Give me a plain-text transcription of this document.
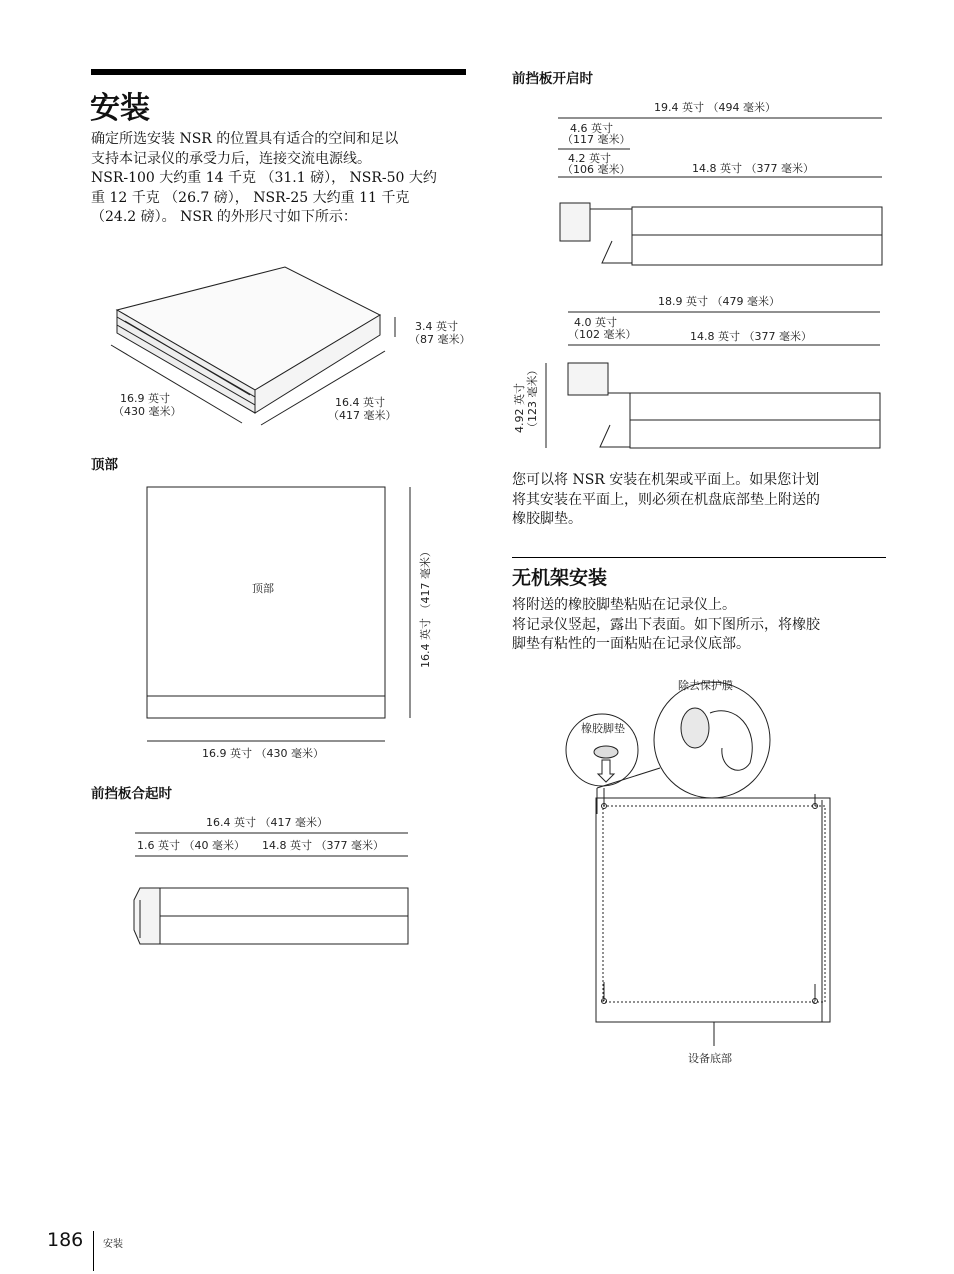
安装
确定所选安装 NSR 的位置具有适合的空间和足以
支持本记录仪的承受力后，连接交流电源线。
NSR-100 大约重 14 千克 （31.1 磅）， NSR-50 大约
重 12 千克 （26.7 磅）， NSR-25 大约重 11 千克
（24.2 磅）。 NSR 的外形尺寸如下所示：
3.4 英寸
（87 毫米）
16.9 英寸
（430 毫米）
16.4 英寸
（417 毫米）
顶部
顶部	16.4 英寸 （417 毫米）
16.9 英寸 （430 毫米）
前挡板合起时
16.4 英寸 （417 毫米）
1.6 英寸 （40 毫米） 14.8 英寸 （377 毫米）
前挡板开启时
19.4 英寸 （494 毫米）
4.6 英寸
（117 毫米）
4.2 英寸
（106 毫米）	14.8 英寸 （377 毫米）
18.9 英寸 （479 毫米）
4.0 英寸
（102 毫米）	14.8 英寸 （377 毫米）
4.92 英寸 （123 毫米）
您可以将 NSR 安装在机架或平面上。如果您计划
将其安装在平面上，则必须在机盘底部垫上附送的
橡胶脚垫。
无机架安装
将附送的橡胶脚垫粘贴在记录仪上。
将记录仪竖起，露出下表面。如下图所示，将橡胶
脚垫有粘性的一面粘贴在记录仪底部。
除去保护膜
橡胶脚垫
设备底部
186 安装
